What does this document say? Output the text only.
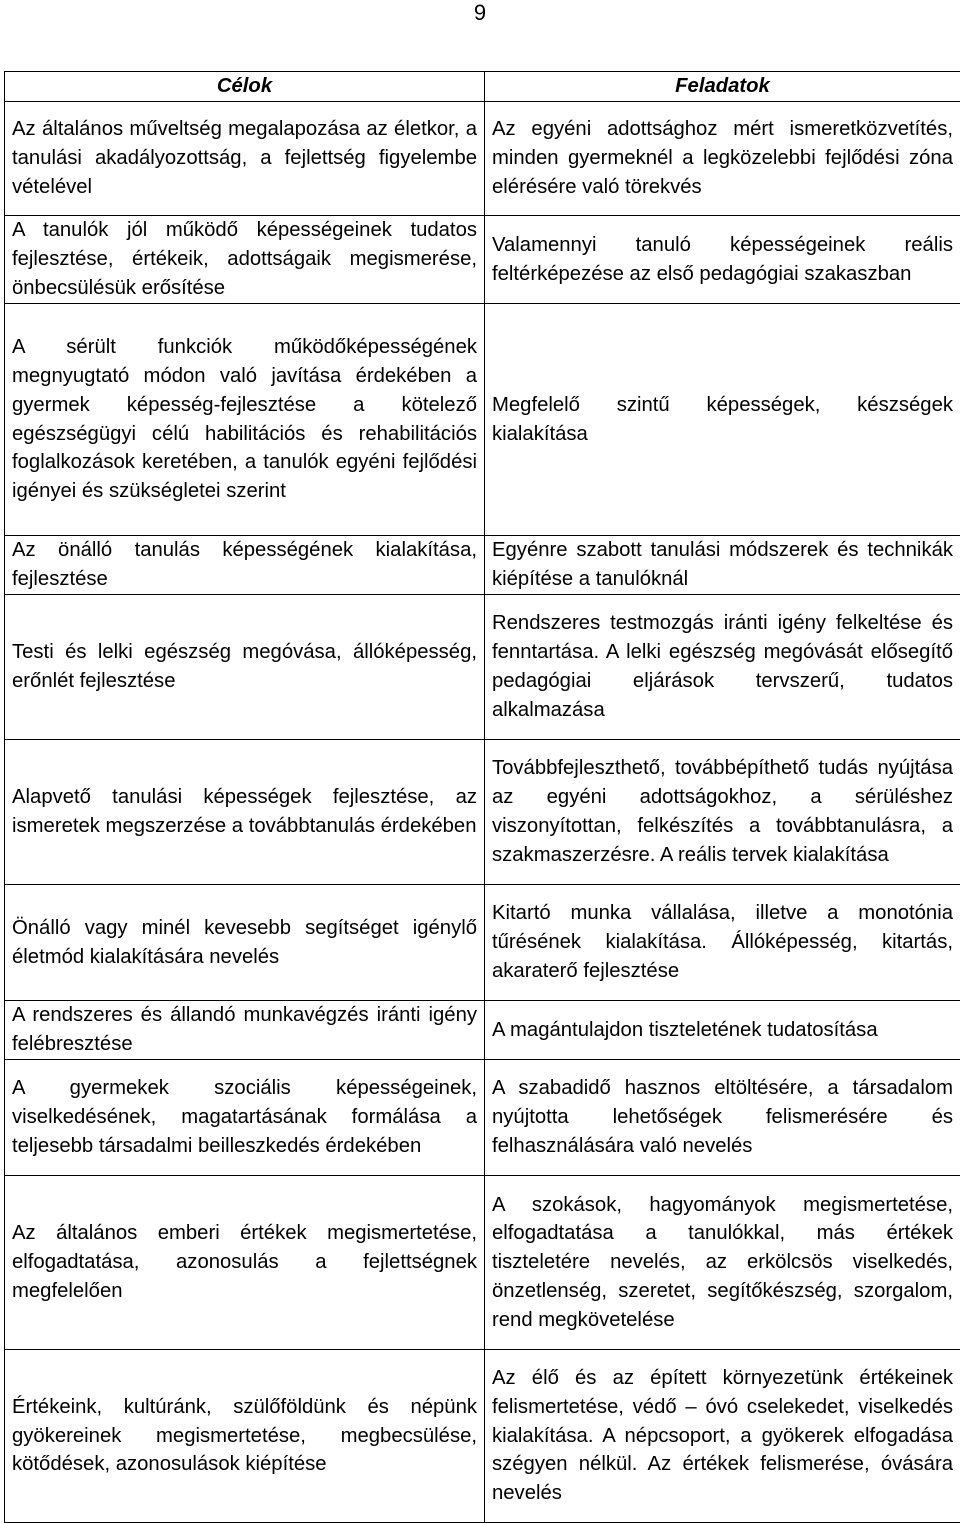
9
Célok	Feladatok
Az általános műveltség megalapozása az életkor, a tanulási akadályozottság, a fejlettség figyelembe vételével	Az egyéni adottsághoz mért ismeretközvetítés, minden gyermeknél a legközelebbi fejlődési zóna elérésére való törekvés
A tanulók jól működő képességeinek tudatos fejlesztése, értékeik, adottságaik megismerése, önbecsülésük erősítése	Valamennyi tanuló képességeinek reális feltérképezése az első pedagógiai szakaszban
A sérült funkciók működőképességének megnyugtató módon való javítása érdekében a gyermek képesség-fejlesztése a kötelező egészségügyi célú habilitációs és rehabilitációs foglalkozások keretében, a tanulók egyéni fejlődési igényei és szükségletei szerint	Megfelelő szintű képességek, készségek kialakítása
Az önálló tanulás képességének kialakítása, fejlesztése	Egyénre szabott tanulási módszerek és technikák kiépítése a tanulóknál
Testi és lelki egészség megóvása, állóképesség, erőnlét fejlesztése	Rendszeres testmozgás iránti igény felkeltése és fenntartása. A lelki egészség megóvását elősegítő pedagógiai eljárások tervszerű, tudatos alkalmazása
Alapvető tanulási képességek fejlesztése, az ismeretek megszerzése a továbbtanulás érdekében	Továbbfejleszthető, továbbépíthető tudás nyújtása az egyéni adottságokhoz, a sérüléshez viszonyítottan, felkészítés a továbbtanulásra, a szakmaszerzésre. A reális tervek kialakítása
Önálló vagy minél kevesebb segítséget igénylő életmód kialakítására nevelés	Kitartó munka vállalása, illetve a monotónia tűrésének kialakítása. Állóképesség, kitartás, akaraterő fejlesztése
A rendszeres és állandó munkavégzés iránti igény felébresztése	A magántulajdon tiszteletének tudatosítása
A gyermekek szociális képességeinek, viselkedésének, magatartásának formálása a teljesebb társadalmi beilleszkedés érdekében	A szabadidő hasznos eltöltésére, a társadalom nyújtotta lehetőségek felismerésére és felhasználására való nevelés
Az általános emberi értékek megismertetése, elfogadtatása, azonosulás a fejlettségnek megfelelően	A szokások, hagyományok megismertetése, elfogadtatása a tanulókkal, más értékek tiszteletére nevelés, az erkölcsös viselkedés, önzetlenség, szeretet, segítőkészség, szorgalom, rend megkövetelése
Értékeink, kultúránk, szülőföldünk és népünk gyökereinek megismertetése, megbecsülése, kötődések, azonosulások kiépítése	Az élő és az épített környezetünk értékeinek felismertetése, védő – óvó cselekedet, viselkedés kialakítása. A népcsoport, a gyökerek elfogadása szégyen nélkül. Az értékek felismerése, óvására nevelés
